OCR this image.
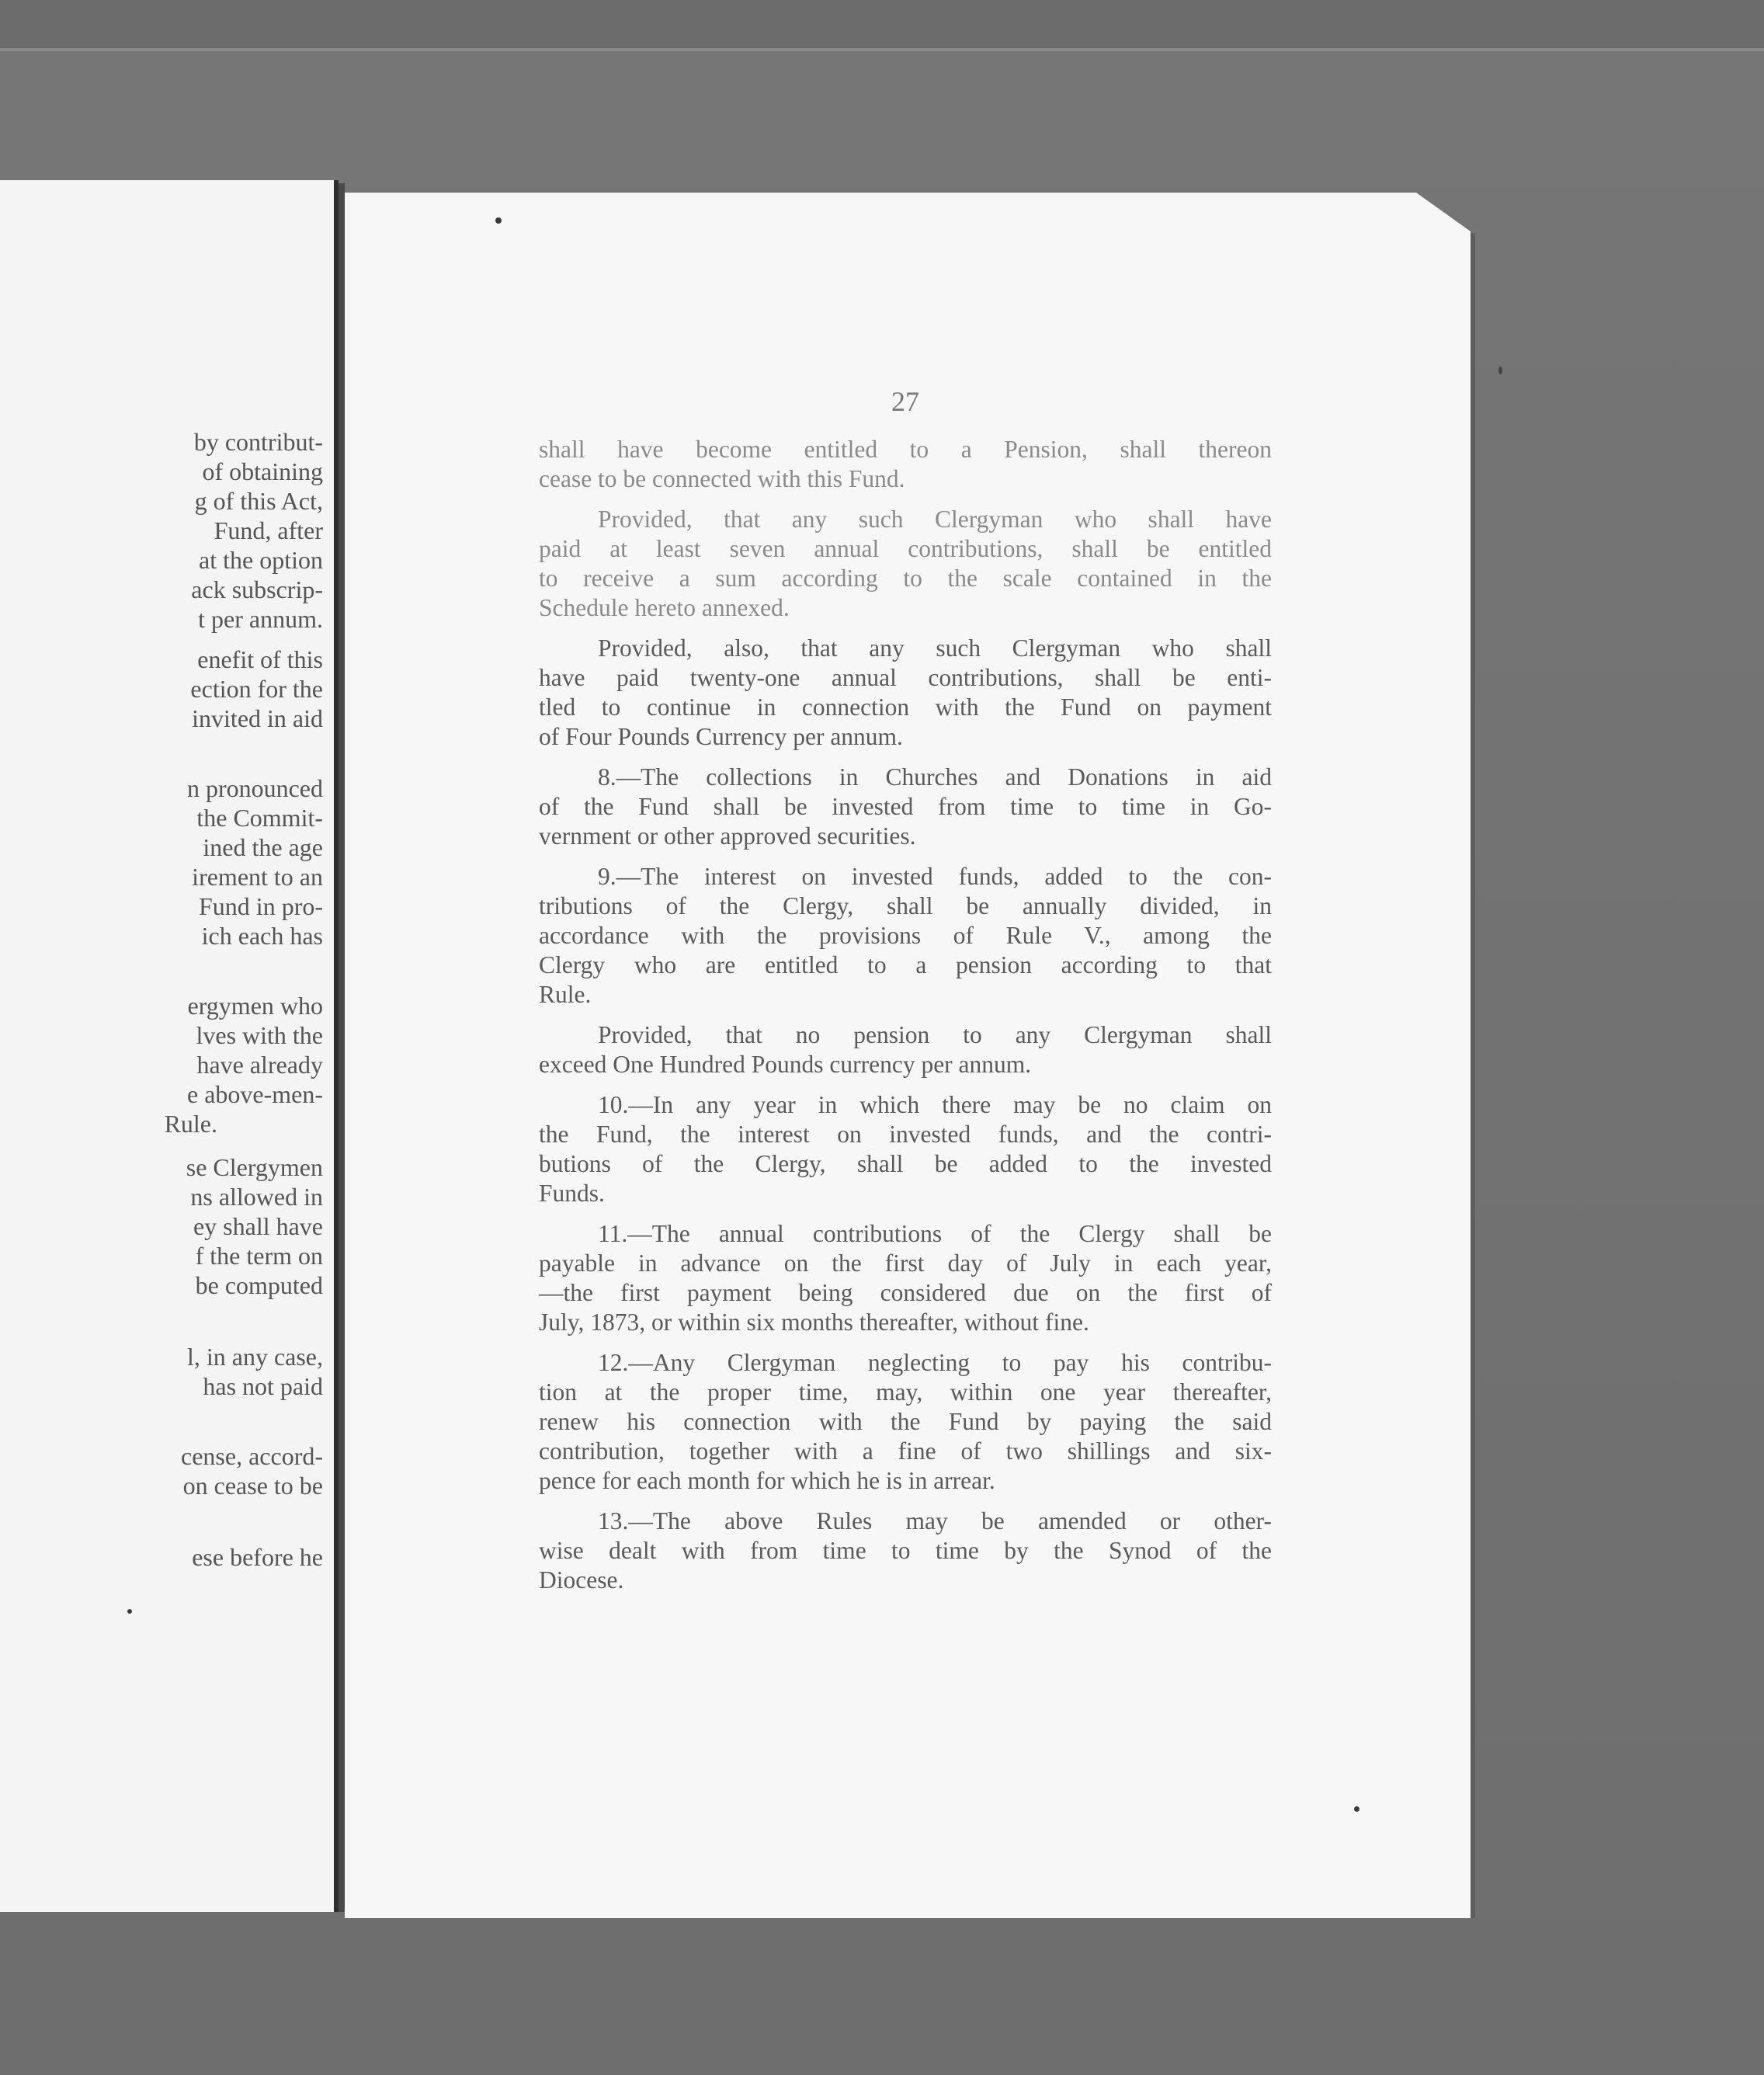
by contribut-
of obtaining
g of this Act,
Fund, after
at the option
ack subscrip-
t per annum.
enefit of this
ection for the
invited in aid
n pronounced
the Commit-
ined the age
irement to an
Fund in pro-
ich each has
ergymen who
lves with the
have already
e above-men-
Rule.
se Clergymen
ns allowed in
ey shall have
f the term on
be computed
l, in any case,
has not paid
cense, accord-
on cease to be
ese before he
27
shall have become entitled to a Pension, shall thereon
cease to be connected with this Fund.
Provided, that any such Clergyman who shall have
paid at least seven annual contributions, shall be entitled
to receive a sum according to the scale contained in the
Schedule hereto annexed.
Provided, also, that any such Clergyman who shall
have paid twenty-one annual contributions, shall be enti-
tled to continue in connection with the Fund on payment
of Four Pounds Currency per annum.
8.—The collections in Churches and Donations in aid
of the Fund shall be invested from time to time in Go-
vernment or other approved securities.
9.—The interest on invested funds, added to the con-
tributions of the Clergy, shall be annually divided, in
accordance with the provisions of Rule V., among the
Clergy who are entitled to a pension according to that
Rule.
Provided, that no pension to any Clergyman shall
exceed One Hundred Pounds currency per annum.
10.—In any year in which there may be no claim on
the Fund, the interest on invested funds, and the contri-
butions of the Clergy, shall be added to the invested
Funds.
11.—The annual contributions of the Clergy shall be
payable in advance on the first day of July in each year,
—the first payment being considered due on the first of
July, 1873, or within six months thereafter, without fine.
12.—Any Clergyman neglecting to pay his contribu-
tion at the proper time, may, within one year thereafter,
renew his connection with the Fund by paying the said
contribution, together with a fine of two shillings and six-
pence for each month for which he is in arrear.
13.—The above Rules may be amended or other-
wise dealt with from time to time by the Synod of the
Diocese.
